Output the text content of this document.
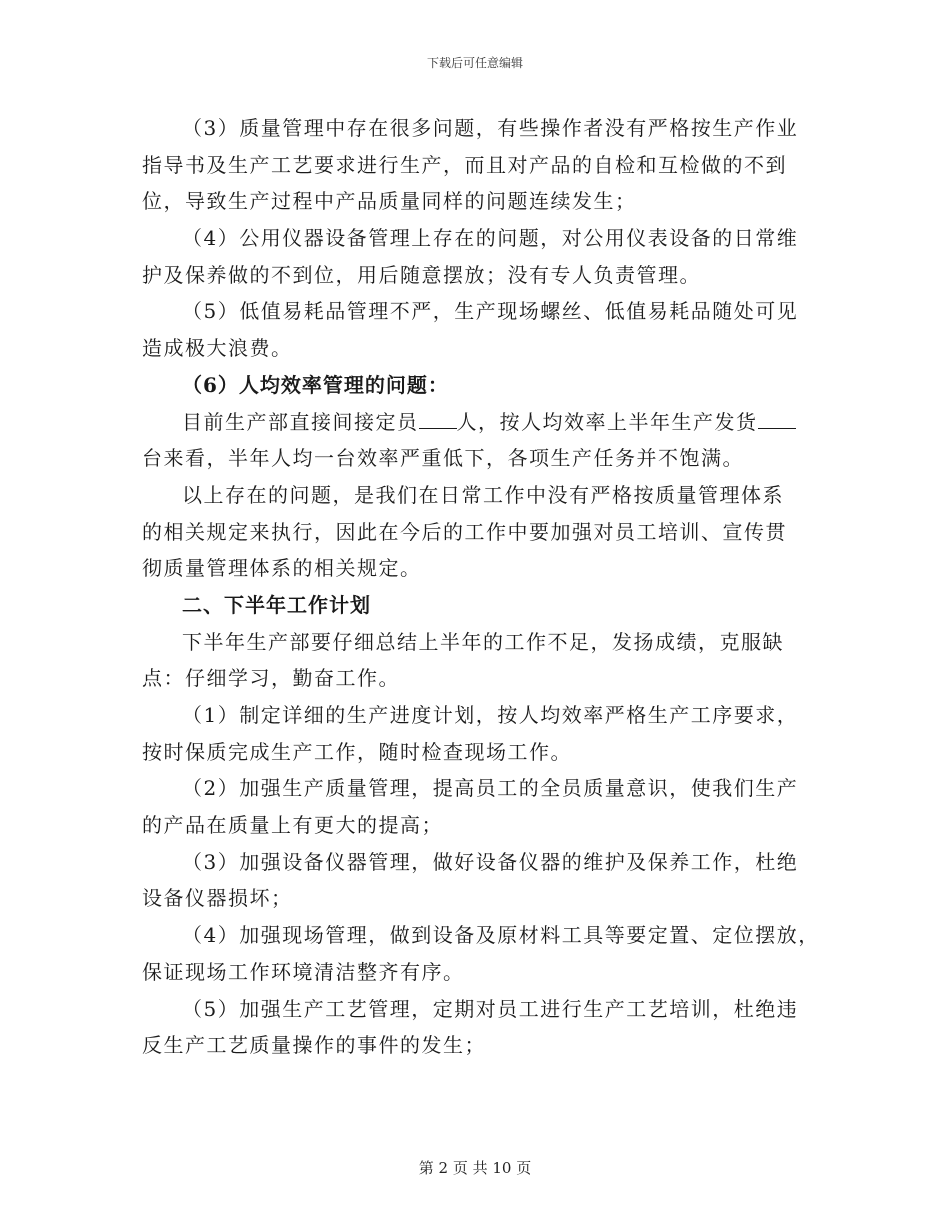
下载后可任意编辑
（3）质量管理中存在很多问题，有些操作者没有严格按生产作业
指导书及生产工艺要求进行生产，而且对产品的自检和互检做的不到
位，导致生产过程中产品质量同样的问题连续发生；
（4）公用仪器设备管理上存在的问题，对公用仪表设备的日常维
护及保养做的不到位，用后随意摆放；没有专人负责管理。
（5）低值易耗品管理不严，生产现场螺丝、低值易耗品随处可见
造成极大浪费。
（6）人均效率管理的问题：
目前生产部直接间接定员 人，按人均效率上半年生产发货
台来看，半年人均一台效率严重低下，各项生产任务并不饱满。
以上存在的问题，是我们在日常工作中没有严格按质量管理体系
的相关规定来执行，因此在今后的工作中要加强对员工培训、宣传贯
彻质量管理体系的相关规定。
二、下半年工作计划
下半年生产部要仔细总结上半年的工作不足，发扬成绩，克服缺
点：仔细学习，勤奋工作。
（1）制定详细的生产进度计划，按人均效率严格生产工序要求，
按时保质完成生产工作，随时检查现场工作。
（2）加强生产质量管理，提高员工的全员质量意识，使我们生产
的产品在质量上有更大的提高；
（3）加强设备仪器管理，做好设备仪器的维护及保养工作，杜绝
设备仪器损坏；
（4）加强现场管理，做到设备及原材料工具等要定置、定位摆放，
保证现场工作环境清洁整齐有序。
（5）加强生产工艺管理，定期对员工进行生产工艺培训，杜绝违
反生产工艺质量操作的事件的发生；
第 2 页 共 10 页
